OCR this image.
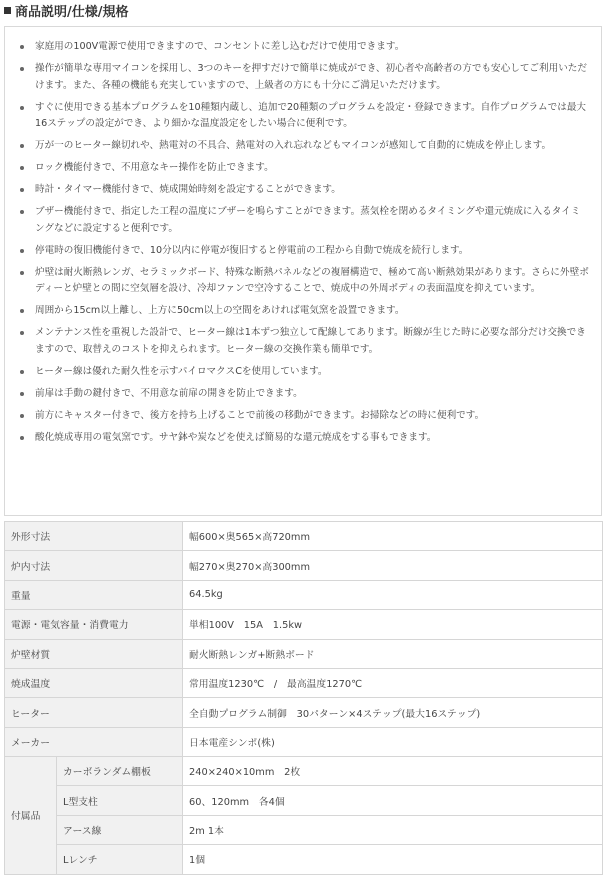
商品説明/仕様/規格
家庭用の100V電源で使用できますので、コンセントに差し込むだけで使用できます。
操作が簡単な専用マイコンを採用し、3つのキーを押すだけで簡単に焼成ができ、初心者や高齢者の方でも安心してご利用いただけます。また、各種の機能も充実していますので、上級者の方にも十分にご満足いただけます。
すぐに使用できる基本プログラムを10種類内蔵し、追加で20種類のプログラムを設定・登録できます。自作プログラムでは最大16ステップの設定ができ、より細かな温度設定をしたい場合に便利です。
万が一のヒーター線切れや、熱電対の不具合、熱電対の入れ忘れなどもマイコンが感知して自動的に焼成を停止します。
ロック機能付きで、不用意なキー操作を防止できます。
時計・タイマー機能付きで、焼成開始時刻を設定することができます。
ブザー機能付きで、指定した工程の温度にブザーを鳴らすことができます。蒸気栓を閉めるタイミングや還元焼成に入るタイミングなどに設定すると便利です。
停電時の復旧機能付きで、10分以内に停電が復旧すると停電前の工程から自動で焼成を続行します。
炉壁は耐火断熱レンガ、セラミックボード、特殊な断熱パネルなどの複層構造で、極めて高い断熱効果があります。さらに外壁ボディーと炉壁との間に空気層を設け、冷却ファンで空冷することで、焼成中の外周ボディの表面温度を抑えています。
周囲から15cm以上離し、上方に50cm以上の空間をあければ電気窯を設置できます。
メンテナンス性を重視した設計で、ヒーター線は1本ずつ独立して配線してあります。断線が生じた時に必要な部分だけ交換できますので、取替えのコストを抑えられます。ヒーター線の交換作業も簡単です。
ヒーター線は優れた耐久性を示すパイロマクスCを使用しています。
前扉は手動の鍵付きで、不用意な前扉の開きを防止できます。
前方にキャスター付きで、後方を持ち上げることで前後の移動ができます。お掃除などの時に便利です。
酸化焼成専用の電気窯です。サヤ鉢や炭などを使えば簡易的な還元焼成をする事もできます。
外形寸法	幅600×奥565×高720mm
炉内寸法	幅270×奥270×高300mm
重量	64.5kg
電源・電気容量・消費電力	単相100V　15A　1.5kw
炉壁材質	耐火断熱レンガ+断熱ボード
焼成温度	常用温度1230℃　/　最高温度1270℃
ヒーター	全自動プログラム制御　30パターン×4ステップ(最大16ステップ)
メーカー	日本電産シンポ(株)
付属品	カーボランダム棚板	240×240×10mm　2枚
	L型支柱	60、120mm　各4個
	アース線	2m 1本
	Lレンチ	1個
